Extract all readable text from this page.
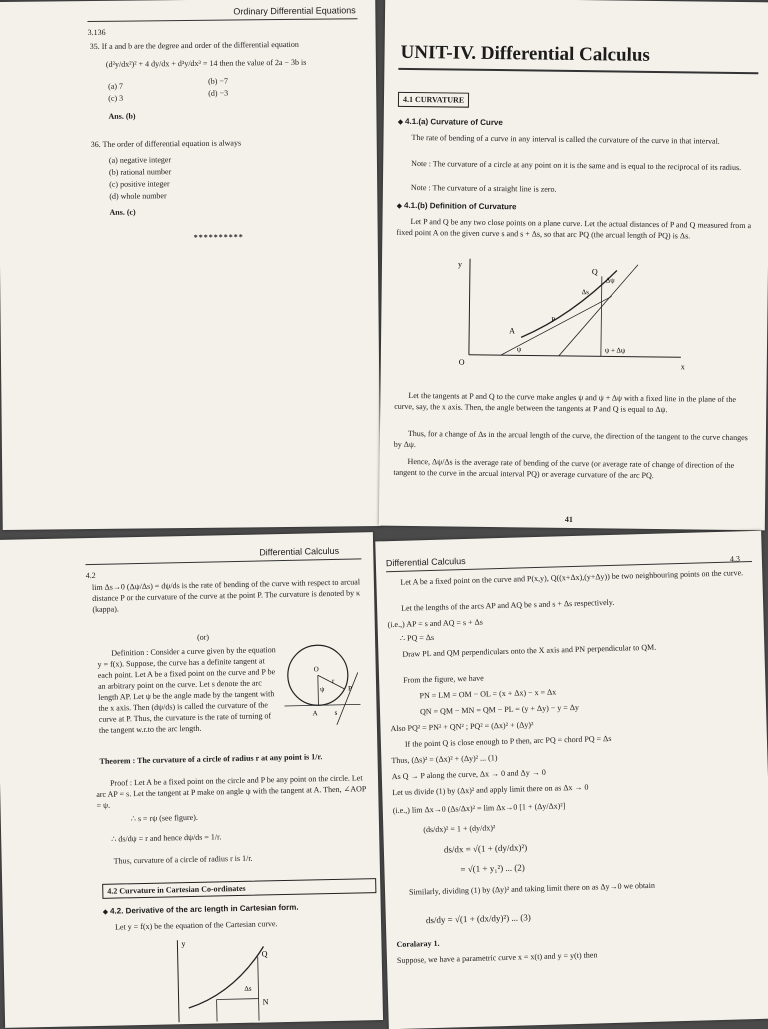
Ordinary Differential Equations
3.136
35. If a and b are the degree and order of the differential equation
(d²y/dx²)² + 4 dy/dx + d³y/dx³ = 14 then the value of 2a − 3b is
(a) 7
(b) −7
(c) 3
(d) −3
Ans. (b)
36. The order of differential equation is always
(a) negative integer
(b) rational number
(c) positive integer
(d) whole number
Ans. (c)
**********
UNIT-IV. Differential Calculus
4.1 CURVATURE
◆ 4.1.(a) Curvature of Curve

The rate of bending of a curve in any interval is called the curvature of the curve in that interval.

Note : The curvature of a circle at any point on it is the same and is equal to the reciprocal of its radius.

Note : The curvature of a straight line is zero.

◆ 4.1.(b) Definition of Curvature

Let P and Q be any two close points on a plane curve. Let the actual distances of P and Q measured from a fixed point A on the given curve s and s + Δs, so that arc PQ (the arcual length of PQ) is Δs.

y
Q
Δψ
Δs
A
P
ψ	ψ + Δψ
O
x

Let the tangents at P and Q to the curve make angles ψ and ψ + Δψ with a fixed line in the plane of the curve, say, the x axis. Then, the angle between the tangents at P and Q is equal to Δψ.

Thus, for a change of Δs in the arcual length of the curve, the direction of the tangent to the curve changes by Δψ.

Hence, Δψ/Δs is the average rate of bending of the curve (or average rate of change of direction of the tangent to the curve in the arcual interval PQ) or average curvature of the arc PQ.

41
Differential Calculus
4.2

lim Δs→0 (Δψ/Δs) = dψ/ds is the rate of bending of the curve with respect to arcual distance P or the curvature of the curve at the point P. The curvature is denoted by κ (kappa).

(or)

Definition : Consider a curve given by the equation y = f(x). Suppose, the curve has a definite tangent at each point. Let A be a fixed point on the curve and P be an arbitrary point on the curve. Let s denote the arc length AP. Let ψ be the angle made by the tangent with the x axis. Then (dψ/ds) is called the curvature of the curve at P. Thus, the curvature is the rate of turning of the tangent w.r.to the arc length.

O
r
ψ	P
A s
Theorem : The curvature of a circle of radius r at any point is 1/r.

Proof : Let A be a fixed point on the circle and P be any point on the circle. Let arc AP = s. Let the tangent at P make on angle ψ with the tangent at A. Then, ∠AOP = ψ.

∴ s = rψ (see figure).
∴ ds/dψ = r and hence dψ/ds = 1/r.
Thus, curvature of a circle of radius r is 1/r.
4.2 Curvature in Cartesian Co-ordinates
◆ 4.2. Derivative of the arc length in Cartesian form.
Let y = f(x) be the equation of the Cartesian curve.
y
Q
Δs
N
Differential Calculus	4.3

Let A be a fixed point on the curve and P(x,y), Q((x+Δx),(y+Δy)) be two neighbouring points on the curve.

Let the lengths of the arcs AP and AQ be s and s + Δs respectively.

(i.e.,) AP = s and AQ = s + Δs
∴ PQ = Δs

Draw PL and QM perpendiculars onto the X axis and PN perpendicular to QM.

From the figure, we have
PN = LM = OM − OL = (x + Δx) − x = Δx
QN = QM − MN = QM − PL = (y + Δy) − y = Δy
Also PQ² = PN² + QN² ; PQ² = (Δx)² + (Δy)²
If the point Q is close enough to P then, arc PQ = chord PQ = Δs
Thus, (Δs)² = (Δx)² + (Δy)² ... (1)
As Q → P along the curve, Δx → 0 and Δy → 0
Let us divide (1) by (Δx)² and apply limit there on as Δx → 0
(i.e.,) lim Δx→0 (Δs/Δx)² = lim Δx→0 [1 + (Δy/Δx)²]
(ds/dx)² = 1 + (dy/dx)²
ds/dx = √(1 + (dy/dx)²)
= √(1 + y₁²) ... (2)

Similarly, dividing (1) by (Δy)² and taking limit there on as Δy→0 we obtain

ds/dy = √(1 + (dx/dy)²) ... (3)
Coralaray 1.
Suppose, we have a parametric curve x = x(t) and y = y(t) then
